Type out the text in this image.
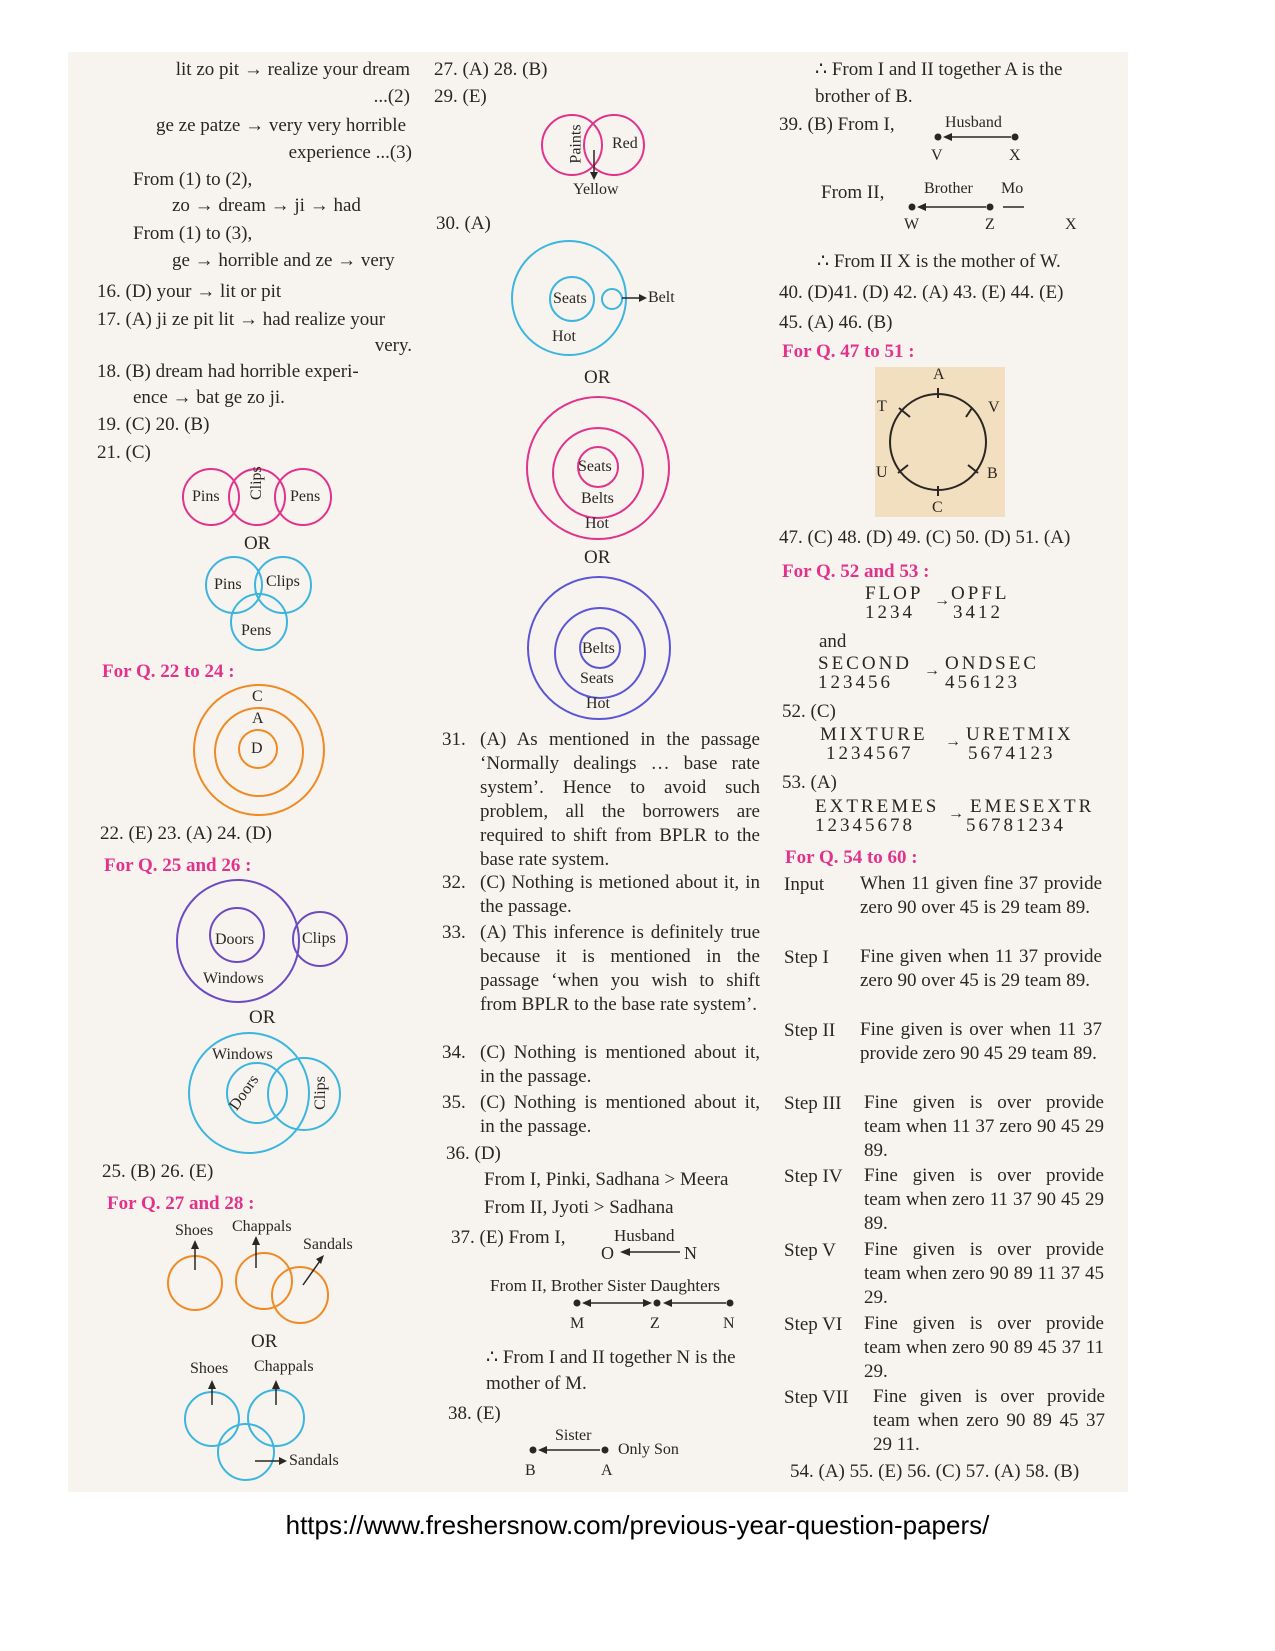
lit zo pit → realize your dream
...(2)
ge ze patze → very very horrible
experience ...(3)
From (1) to (2),
zo → dream → ji → had
From (1) to (3),
ge → horrible and ze → very
16. (D) your → lit or pit
17. (A) ji ze pit lit → had realize your
very.
18. (B) dream had horrible experi-
ence → bat ge zo ji.
19. (C) 20. (B)
21. (C)
Pins Clips Pens
OR
Pins Clips
Pens
For Q. 22 to 24 :
C
A
D
22. (E) 23. (A) 24. (D)
For Q. 25 and 26 :
Doors
Windows
Clips
OR
Windows
Doors	Clips
25. (B) 26. (E)
For Q. 27 and 28 :
Shoes Chappals
Sandals
OR
Shoes Chappals
Sandals
27. (A) 28. (B)
29. (E)
Paints Red
Yellow
30. (A)
Seats	Belt
Hot
OR
Seats
Belts
Hot
OR
Belts
Seats
Hot
31. (A) As mentioned in the passage ‘Normally dealings … base rate system’. Hence to avoid such problem, all the borrowers are required to shift from BPLR to the base rate system.
32. (C) Nothing is metioned about it, in the passage.
33. (A) This inference is definitely true because it is mentioned in the passage ‘when you wish to shift from BPLR to the base rate system’.
34. (C) Nothing is mentioned about it, in the passage.
35. (C) Nothing is mentioned about it, in the passage.
36. (D)
From I, Pinki, Sadhana > Meera
From II, Jyoti > Sadhana
37. (E) From I,	Husband
O	N
From II, Brother Sister Daughters
M	Z	N
∴ From I and II together N is the
mother of M.
38. (E)
Sister
Only Son
B	A
∴ From I and II together A is the
brother of B.
39. (B) From I,	Husband
V	X
From II, Brother Mo
W	Z	X
∴ From II X is the mother of W.
40. (D)41. (D) 42. (A) 43. (E) 44. (E)
45. (A) 46. (B)
For Q. 47 to 51 :
A
V
B
C
U
T
47. (C) 48. (D) 49. (C) 50. (D) 51. (A)
For Q. 52 and 53 :
FLOP
1234
OPFL
3412
→
and
SECOND
123456
ONDSEC
456123
→
52. (C)
MIXTURE
1234567
URETMIX
5674123
→
53. (A)
EXTREMES
12345678
EMESEXTR
56781234
→
For Q. 54 to 60 :
Input When 11 given fine 37 provide zero 90 over 45 is 29 team 89.
Step I Fine given when 11 37 provide zero 90 over 45 is 29 team 89.
Step II Fine given is over when 11 37 provide zero 90 45 29 team 89.
Step III Fine given is over provide team when 11 37 zero 90 45 29 89.
Step IV Fine given is over provide team when zero 11 37 90 45 29 89.
Step V Fine given is over provide team when zero 90 89 11 37 45 29.
Step VI Fine given is over provide team when zero 90 89 45 37 11 29.
Step VII Fine given is over provide team when zero 90 89 45 37 29 11.
54. (A) 55. (E) 56. (C) 57. (A) 58. (B)
https://www.freshersnow.com/previous-year-question-papers/
